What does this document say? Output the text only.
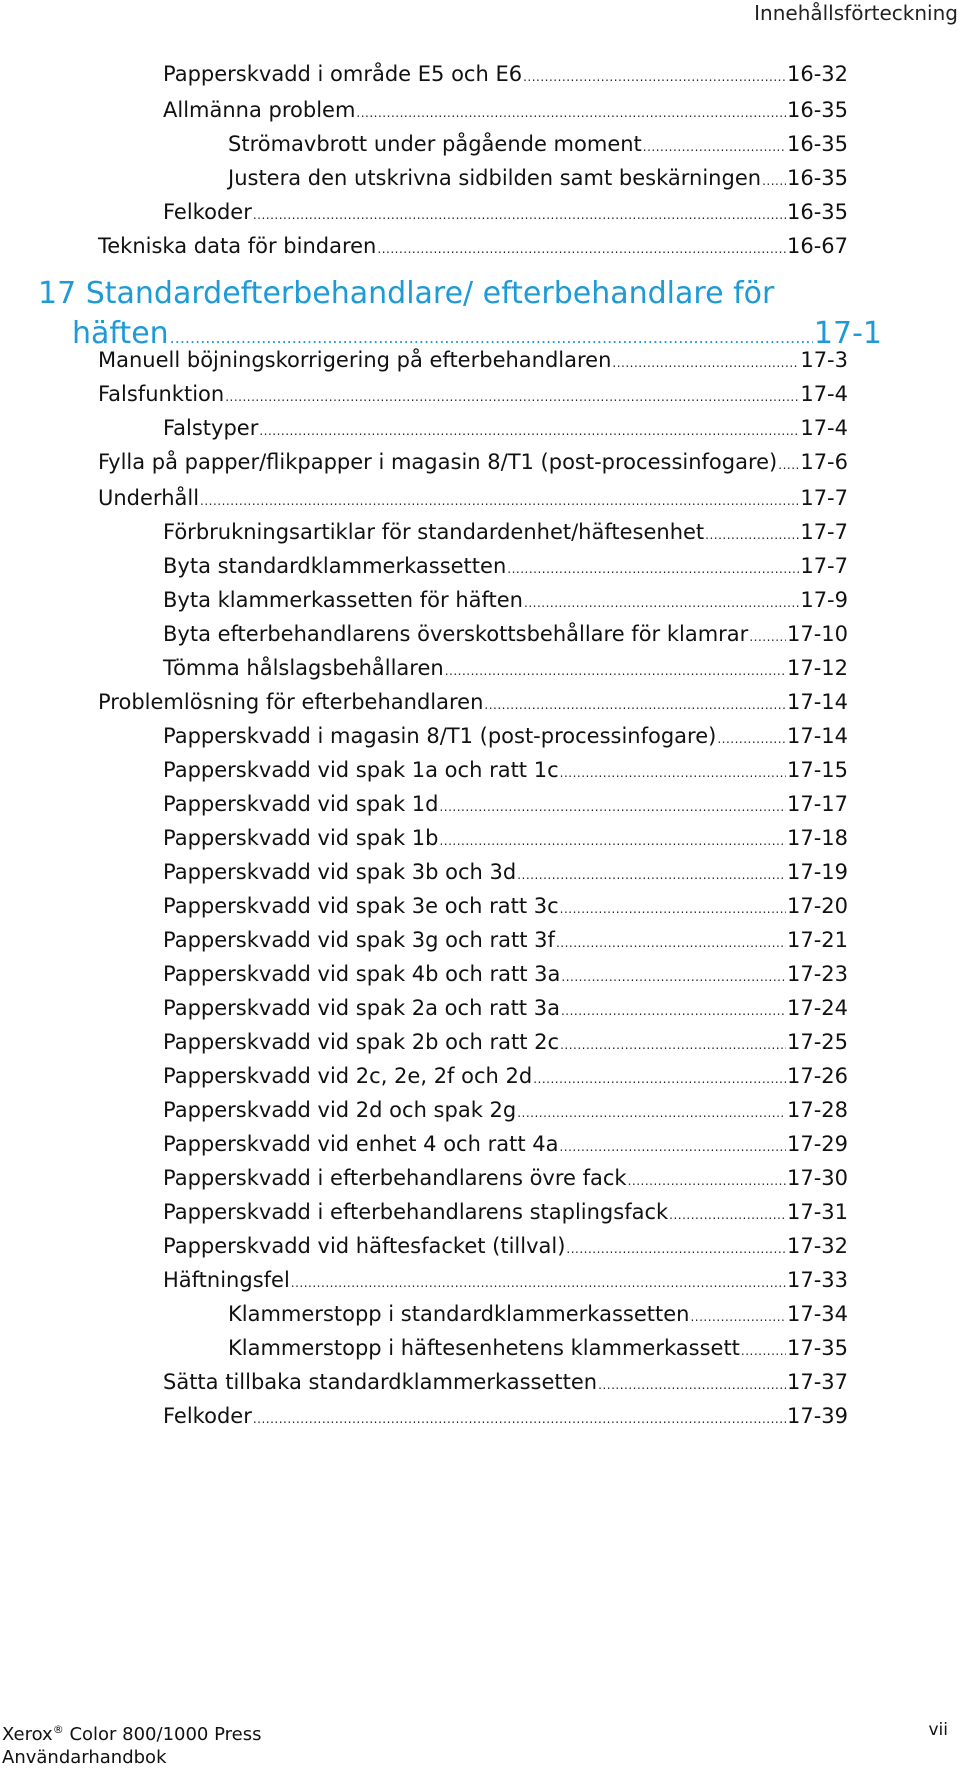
Innehållsförteckning
Papperskvadd i område E5 och E6 .....	16-32
Allmänna problem .....	16-35
Strömavbrott under pågående moment .....	16-35
Justera den utskrivna sidbilden samt beskärningen ..... 16-35
Felkoder .....	16-35
Tekniska data för bindaren .....	16-67
17 Standardefterbehandlare/ efterbehandlare för
häften .....	17-1
Manuell böjningskorrigering på efterbehandlaren .....	17-3
Falsfunktion .....	17-4
Falstyper .....	17-4
Fylla på papper/flikpapper i magasin 8/T1 (post-processinfogare) ..... 17-6
Underhåll .....	17-7
Förbrukningsartiklar för standardenhet/häftesenhet .....	17-7
Byta standardklammerkassetten .....	17-7
Byta klammerkassetten för häften .....	17-9
Byta efterbehandlarens överskottsbehållare för klamrar ..... 17-10
Tömma hålslagsbehållaren .....	17-12
Problemlösning för efterbehandlaren .....	17-14
Papperskvadd i magasin 8/T1 (post-processinfogare) .....	17-14
Papperskvadd vid spak 1a och ratt 1c .....	17-15
Papperskvadd vid spak 1d .....	17-17
Papperskvadd vid spak 1b .....	17-18
Papperskvadd vid spak 3b och 3d .....	17-19
Papperskvadd vid spak 3e och ratt 3c .....	17-20
Papperskvadd vid spak 3g och ratt 3f .....	17-21
Papperskvadd vid spak 4b och ratt 3a .....	17-23
Papperskvadd vid spak 2a och ratt 3a .....	17-24
Papperskvadd vid spak 2b och ratt 2c .....	17-25
Papperskvadd vid 2c, 2e, 2f och 2d .....	17-26
Papperskvadd vid 2d och spak 2g .....	17-28
Papperskvadd vid enhet 4 och ratt 4a .....	17-29
Papperskvadd i efterbehandlarens övre fack .....	17-30
Papperskvadd i efterbehandlarens staplingsfack .....	17-31
Papperskvadd vid häftesfacket (tillval) .....	17-32
Häftningsfel .....	17-33
Klammerstopp i standardklammerkassetten .....	17-34
Klammerstopp i häftesenhetens klammerkassett ..... 17-35
Sätta tillbaka standardklammerkassetten .....	17-37
Felkoder .....	17-39
Xerox® Color 800/1000 Press
Användarhandbok
vii
